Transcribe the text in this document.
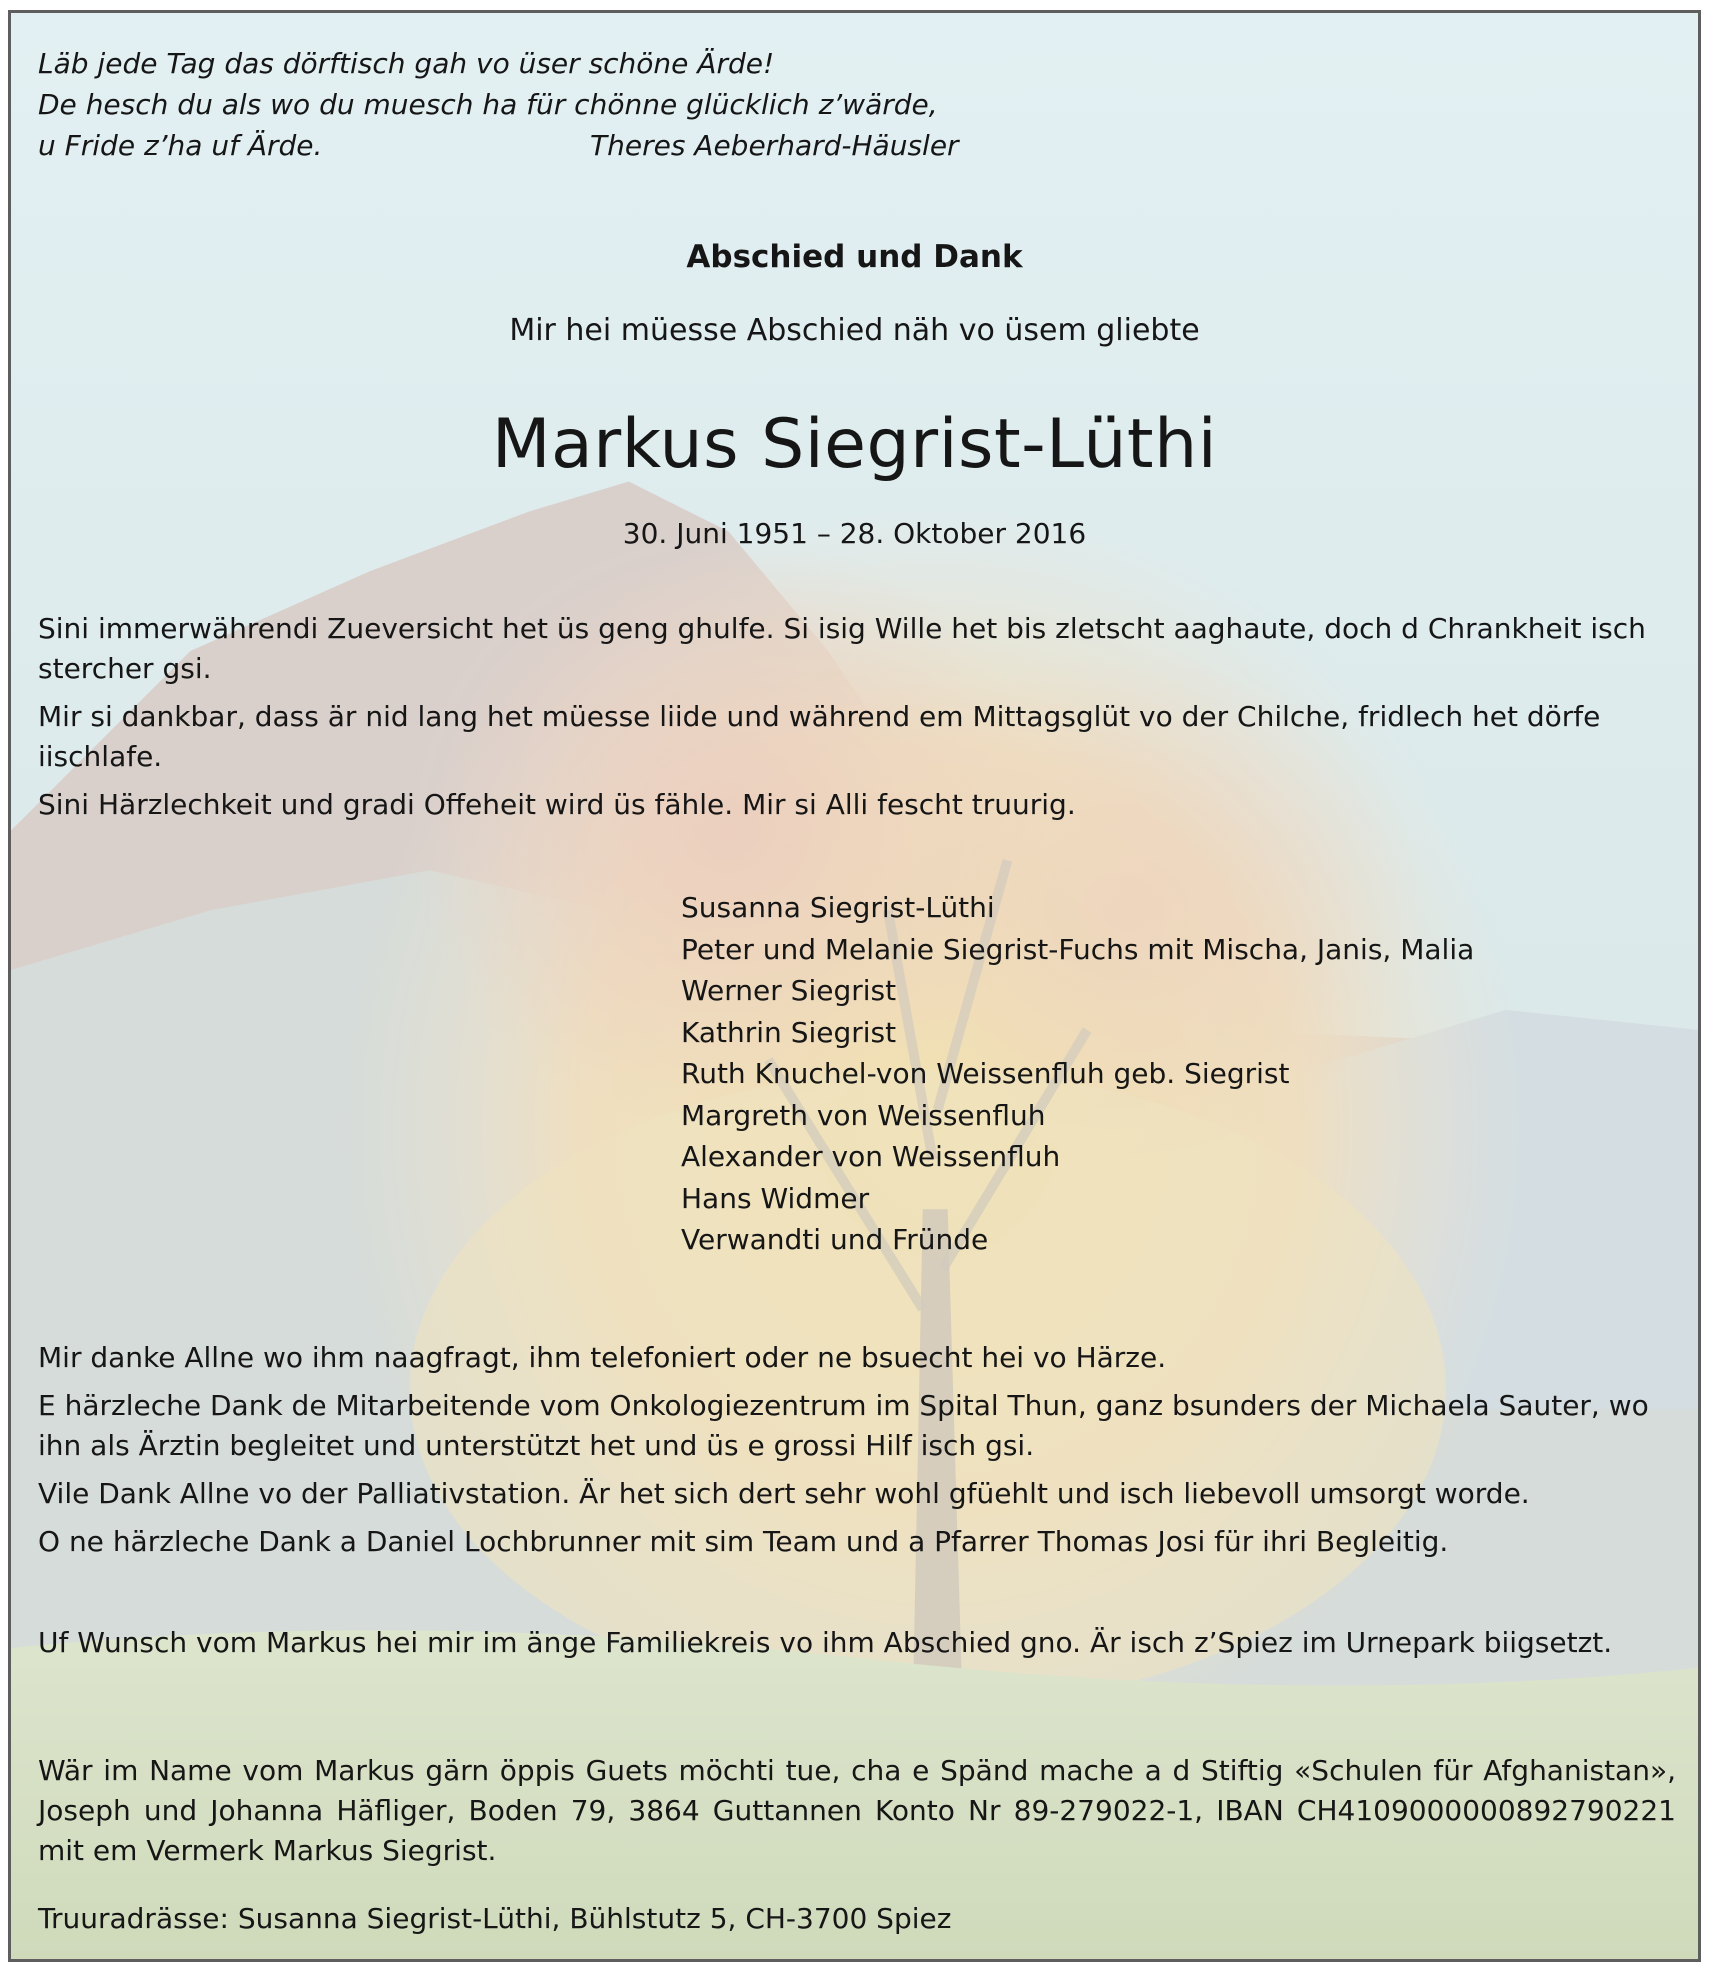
Läb jede Tag das dörftisch gah vo üser schöne Ärde!
De hesch du als wo du muesch ha für chönne glücklich z’wärde,
u Fride z’ha uf Ärde.	Theres Aeberhard-Häusler

Abschied und Dank

Mir hei müesse Abschied näh vo üsem gliebte

Markus Siegrist-Lüthi

30. Juni 1951 – 28. Oktober 2016

Sini immerwährendi Zueversicht het üs geng ghulfe. Si isig Wille het bis zletscht aaghaute, doch d Chrankheit isch stercher gsi.

Mir si dankbar, dass är nid lang het müesse liide und während em Mittagsglüt vo der Chilche, fridlech het dörfe iischlafe.

Sini Härzlechkeit und gradi Offeheit wird üs fähle. Mir si Alli fescht truurig.

Susanna Siegrist-Lüthi
Peter und Melanie Siegrist-Fuchs mit Mischa, Janis, Malia
Werner Siegrist
Kathrin Siegrist
Ruth Knuchel-von Weissenfluh geb. Siegrist
Margreth von Weissenfluh
Alexander von Weissenfluh
Hans Widmer
Verwandti und Fründe

Mir danke Allne wo ihm naagfragt, ihm telefoniert oder ne bsuecht hei vo Härze.

E härzleche Dank de Mitarbeitende vom Onkologiezentrum im Spital Thun, ganz bsunders der Michaela Sauter, wo ihn als Ärztin begleitet und unterstützt het und üs e grossi Hilf isch gsi.

Vile Dank Allne vo der Palliativstation. Är het sich dert sehr wohl gfüehlt und isch liebevoll umsorgt worde.

O ne härzleche Dank a Daniel Lochbrunner mit sim Team und a Pfarrer Thomas Josi für ihri Begleitig.

Uf Wunsch vom Markus hei mir im änge Familiekreis vo ihm Abschied gno. Är isch z’Spiez im Urnepark biigsetzt.

Wär im Name vom Markus gärn öppis Guets möchti tue, cha e Spänd mache a d Stiftig «Schulen für Afghanistan», Joseph und Johanna Häfliger, Boden 79, 3864 Guttannen Konto Nr 89-279022-1, IBAN CH4109000000892790221 mit em Vermerk Markus Siegrist.

Truuradrässe: Susanna Siegrist-Lüthi, Bühlstutz 5, CH-3700 Spiez
